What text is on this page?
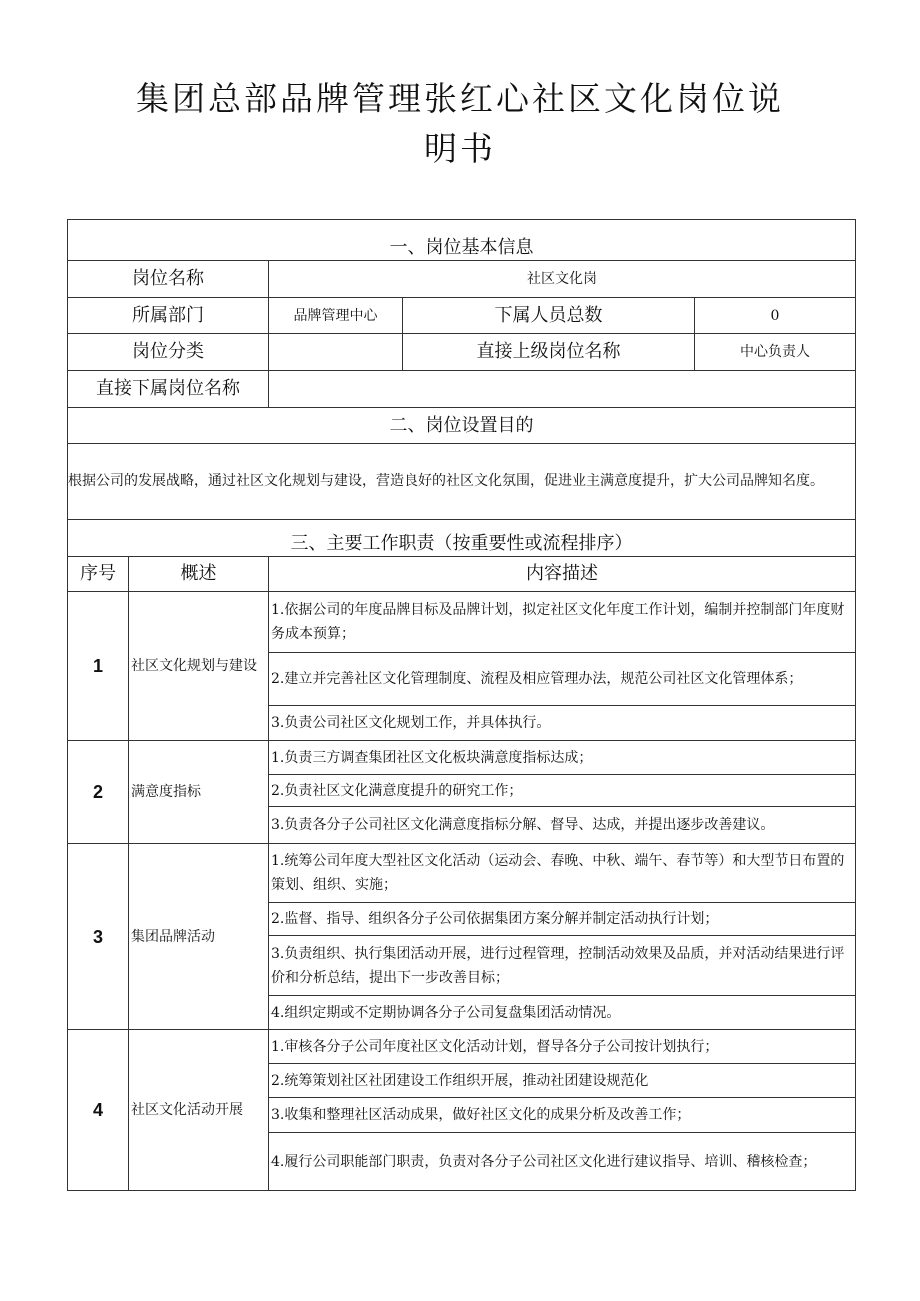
集团总部品牌管理张红心社区文化岗位说
明书
一、岗位基本信息				
岗位名称		社区文化岗		
所属部门		品牌管理中心	下属人员总数	0
岗位分类			直接上级岗位名称	中心负责人
直接下属岗位名称				
二、岗位设置目的				
根据公司的发展战略，通过社区文化规划与建设，营造良好的社区文化氛围，促进业主满意度提升，扩大公司品牌知名度。				
三、主要工作职责（按重要性或流程排序）				
序号	概述	内容描述		
1	社区文化规划与建设	1.依据公司的年度品牌目标及品牌计划，拟定社区文化年度工作计划，编制并控制部门年度财务成本预算；		
		2.建立并完善社区文化管理制度、流程及相应管理办法，规范公司社区文化管理体系；		
		3.负责公司社区文化规划工作，并具体执行。		
2	满意度指标	1.负责三方调查集团社区文化板块满意度指标达成；		
		2.负责社区文化满意度提升的研究工作；		
		3.负责各分子公司社区文化满意度指标分解、督导、达成，并提出逐步改善建议。		
3	集团品牌活动	1.统筹公司年度大型社区文化活动（运动会、春晚、中秋、端午、春节等）和大型节日布置的策划、组织、实施；		
		2.监督、指导、组织各分子公司依据集团方案分解并制定活动执行计划；		
		3.负责组织、执行集团活动开展，进行过程管理，控制活动效果及品质，并对活动结果进行评价和分析总结，提出下一步改善目标；		
		4.组织定期或不定期协调各分子公司复盘集团活动情况。		
4	社区文化活动开展	1.审核各分子公司年度社区文化活动计划，督导各分子公司按计划执行；		
		2.统筹策划社区社团建设工作组织开展，推动社团建设规范化		
		3.收集和整理社区活动成果，做好社区文化的成果分析及改善工作；		
		4.履行公司职能部门职责，负责对各分子公司社区文化进行建议指导、培训、稽核检查；		
